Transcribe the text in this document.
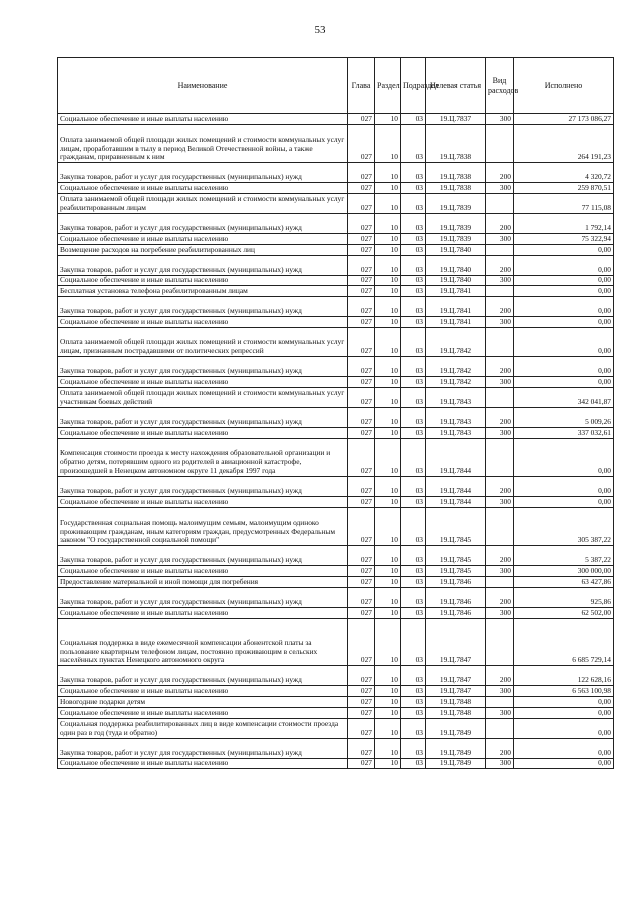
53
Наименование	Глава	Раздел	Подраздел	Целевая статья	Вид расходов	Исполнено
Социальное обеспечение и иные выплаты населению	027	10	03	19.Ц.7837	300	27 173 086,27
Оплата занимаемой общей площади жилых помещений и стоимости коммунальных услуг лицам, проработавшим в тылу в период Великой Отечественной войны, а также гражданам, приравненным к ним	027	10	03	19.Ц.7838		264 191,23
Закупка товаров, работ и услуг для государственных (муниципальных) нужд	027	10	03	19.Ц.7838	200	4 320,72
Социальное обеспечение и иные выплаты населению	027	10	03	19.Ц.7838	300	259 870,51
Оплата занимаемой общей площади жилых помещений и стоимости коммунальных услуг реабилитированным лицам	027	10	03	19.Ц.7839		77 115,08
Закупка товаров, работ и услуг для государственных (муниципальных) нужд	027	10	03	19.Ц.7839	200	1 792,14
Социальное обеспечение и иные выплаты населению	027	10	03	19.Ц.7839	300	75 322,94
Возмещение расходов на погребение реабилитированных лиц	027	10	03	19.Ц.7840		0,00
Закупка товаров, работ и услуг для государственных (муниципальных) нужд	027	10	03	19.Ц.7840	200	0,00
Социальное обеспечение и иные выплаты населению	027	10	03	19.Ц.7840	300	0,00
Бесплатная установка телефона реабилитированным лицам	027	10	03	19.Ц.7841		0,00
Закупка товаров, работ и услуг для государственных (муниципальных) нужд	027	10	03	19.Ц.7841	200	0,00
Социальное обеспечение и иные выплаты населению	027	10	03	19.Ц.7841	300	0,00
Оплата занимаемой общей площади жилых помещений и стоимости коммунальных услуг лицам, признанным пострадавшими от политических репрессий	027	10	03	19.Ц.7842		0,00
Закупка товаров, работ и услуг для государственных (муниципальных) нужд	027	10	03	19.Ц.7842	200	0,00
Социальное обеспечение и иные выплаты населению	027	10	03	19.Ц.7842	300	0,00
Оплата занимаемой общей площади жилых помещений и стоимости коммунальных услуг участникам боевых действий	027	10	03	19.Ц.7843		342 041,87
Закупка товаров, работ и услуг для государственных (муниципальных) нужд	027	10	03	19.Ц.7843	200	5 009,26
Социальное обеспечение и иные выплаты населению	027	10	03	19.Ц.7843	300	337 032,61
Компенсация стоимости проезда к месту нахождения образовательной организации и обратно детям, потерявшим одного из родителей в авиационной катастрофе, произошедшей в Ненецком автономном округе 11 декабря 1997 года	027	10	03	19.Ц.7844		0,00
Закупка товаров, работ и услуг для государственных (муниципальных) нужд	027	10	03	19.Ц.7844	200	0,00
Социальное обеспечение и иные выплаты населению	027	10	03	19.Ц.7844	300	0,00
Государственная социальная помощь малоимущим семьям, малоимущим одиноко проживающим гражданам, иным категориям граждан, предусмотренных Федеральным законом "О государственной социальной помощи"	027	10	03	19.Ц.7845		305 387,22
Закупка товаров, работ и услуг для государственных (муниципальных) нужд	027	10	03	19.Ц.7845	200	5 387,22
Социальное обеспечение и иные выплаты населению	027	10	03	19.Ц.7845	300	300 000,00
Предоставление материальной и иной помощи для погребения	027	10	03	19.Ц.7846		63 427,86
Закупка товаров, работ и услуг для государственных (муниципальных) нужд	027	10	03	19.Ц.7846	200	925,86
Социальное обеспечение и иные выплаты населению	027	10	03	19.Ц.7846	300	62 502,00
Социальная поддержка в виде ежемесячной компенсации абонентской платы за пользование квартирным телефоном лицам, постоянно проживающим в сельских населённых пунктах Ненецкого автономного округа	027	10	03	19.Ц.7847		6 685 729,14
Закупка товаров, работ и услуг для государственных (муниципальных) нужд	027	10	03	19.Ц.7847	200	122 628,16
Социальное обеспечение и иные выплаты населению	027	10	03	19.Ц.7847	300	6 563 100,98
Новогодние подарки детям	027	10	03	19.Ц.7848		0,00
Социальное обеспечение и иные выплаты населению	027	10	03	19.Ц.7848	300	0,00
Социальная поддержка реабилитированных лиц в виде компенсации стоимости проезда один раз в год (туда и обратно)	027	10	03	19.Ц.7849		0,00
Закупка товаров, работ и услуг для государственных (муниципальных) нужд	027	10	03	19.Ц.7849	200	0,00
Социальное обеспечение и иные выплаты населению	027	10	03	19.Ц.7849	300	0,00
